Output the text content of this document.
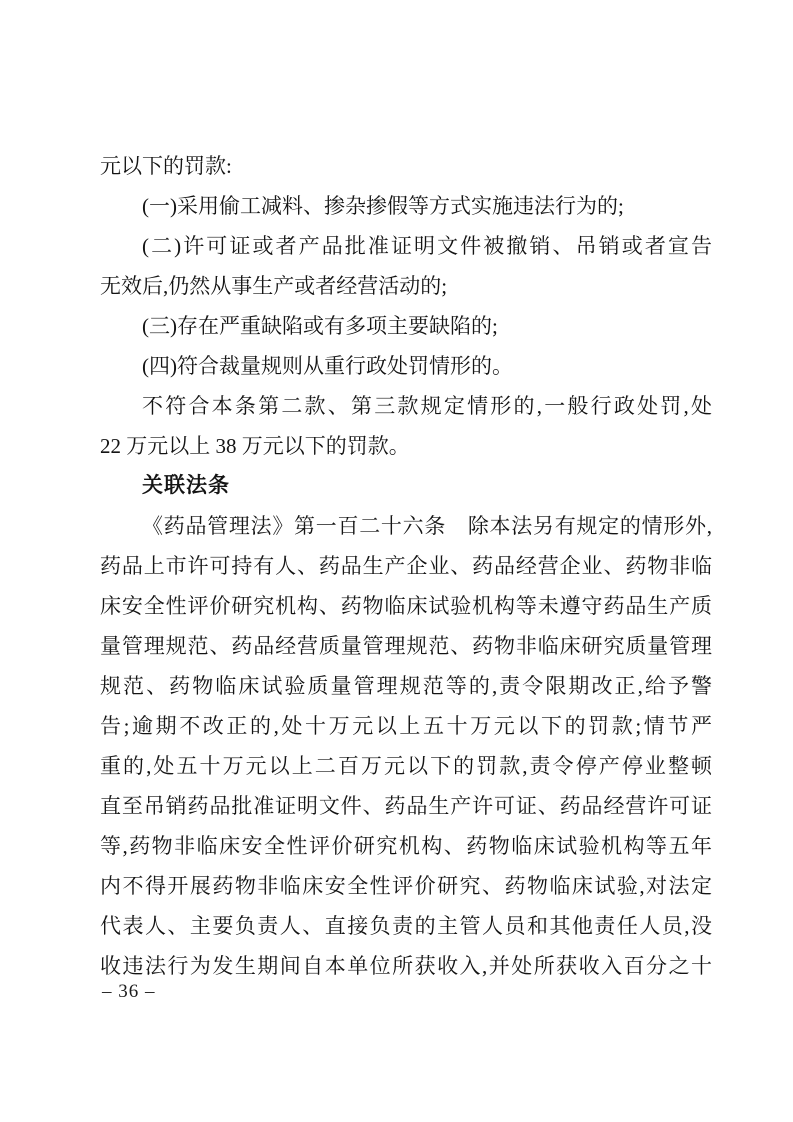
元以下的罚款:
(一)采用偷工减料、掺杂掺假等方式实施违法行为的;
(二)许可证或者产品批准证明文件被撤销、吊销或者宣告
无效后,仍然从事生产或者经营活动的;
(三)存在严重缺陷或有多项主要缺陷的;
(四)符合裁量规则从重行政处罚情形的。
不符合本条第二款、第三款规定情形的,一般行政处罚,处
22 万元以上 38 万元以下的罚款。
关联法条
《药品管理法》第一百二十六条　除本法另有规定的情形外,
药品上市许可持有人、药品生产企业、药品经营企业、药物非临
床安全性评价研究机构、药物临床试验机构等未遵守药品生产质
量管理规范、药品经营质量管理规范、药物非临床研究质量管理
规范、药物临床试验质量管理规范等的,责令限期改正,给予警
告;逾期不改正的,处十万元以上五十万元以下的罚款;情节严
重的,处五十万元以上二百万元以下的罚款,责令停产停业整顿
直至吊销药品批准证明文件、药品生产许可证、药品经营许可证
等,药物非临床安全性评价研究机构、药物临床试验机构等五年
内不得开展药物非临床安全性评价研究、药物临床试验,对法定
代表人、主要负责人、直接负责的主管人员和其他责任人员,没
收违法行为发生期间自本单位所获收入,并处所获收入百分之十
– 36 –
